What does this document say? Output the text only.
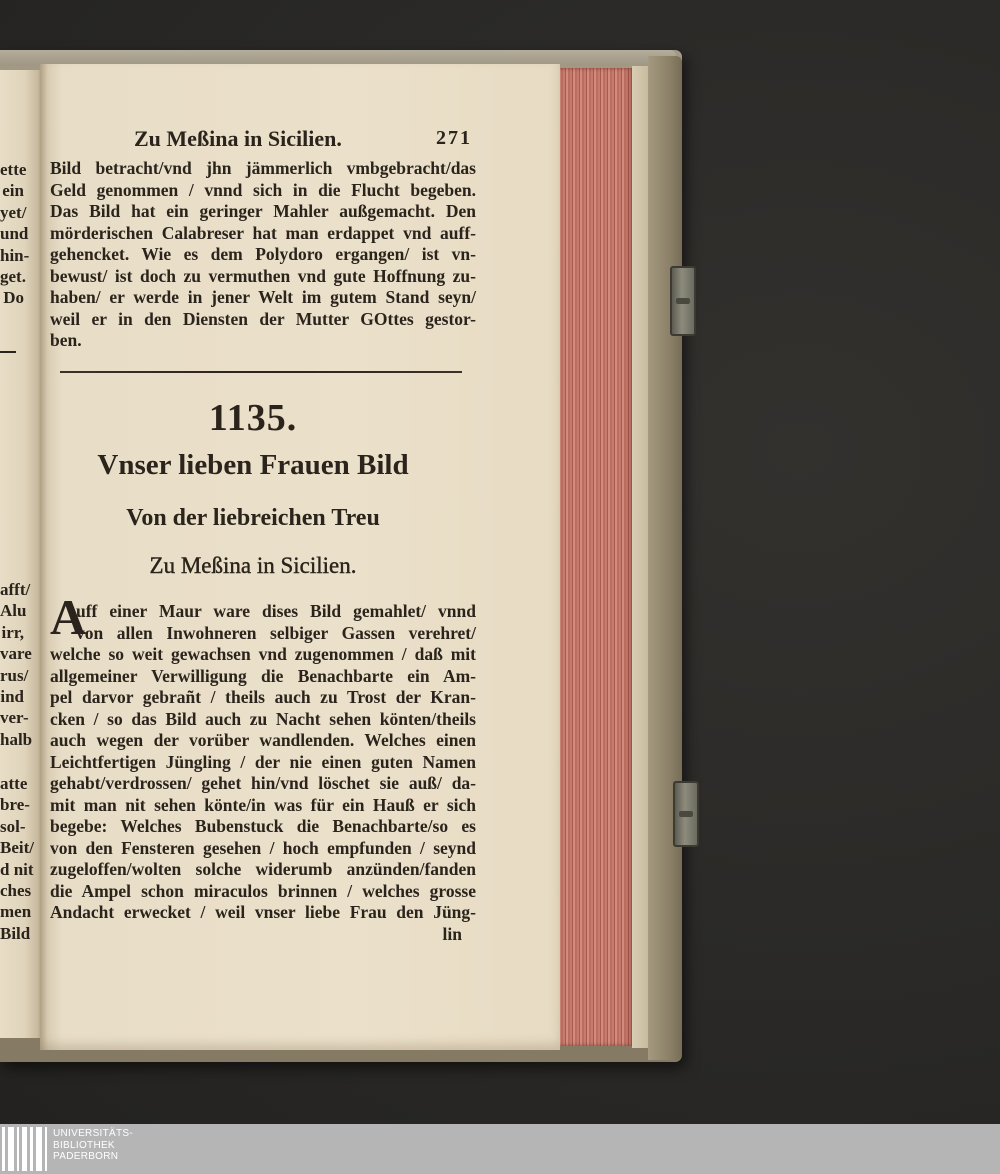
ette
ein
yet/
und
hin-
get.
Do
afft/
Alu
irr,
vare
rus/
ind
ver-
halb
atte
bre-
sol-
Beit/
d nit
ches
men
Bild
Zu Meßina in Sicilien.	271
Bild betracht/vnd jhn jämmerlich vmbgebracht/das
Geld genommen / vnnd sich in die Flucht begeben.
Das Bild hat ein geringer Mahler außgemacht. Den
mörderischen Calabreser hat man erdappet vnd auff-
gehencket. Wie es dem Polydoro ergangen/ ist vn-
bewust/ ist doch zu vermuthen vnd gute Hoffnung zu-
haben/ er werde in jener Welt im gutem Stand seyn/
weil er in den Diensten der Mutter GOttes gestor-
ben.
1135.
Vnser lieben Frauen Bild
Von der liebreichen Treu
Zu Meßina in Sicilien.
A
uff einer Maur ware dises Bild gemahlet/ vnnd
von allen Inwohneren selbiger Gassen verehret/
welche so weit gewachsen vnd zugenommen / daß mit
allgemeiner Verwilligung die Benachbarte ein Am-
pel darvor gebrañt / theils auch zu Trost der Kran-
cken / so das Bild auch zu Nacht sehen könten/theils
auch wegen der vorüber wandlenden. Welches einen
Leichtfertigen Jüngling / der nie einen guten Namen
gehabt/verdrossen/ gehet hin/vnd löschet sie auß/ da-
mit man nit sehen könte/in was für ein Hauß er sich
begebe: Welches Bubenstuck die Benachbarte/so es
von den Fensteren gesehen / hoch empfunden / seynd
zugeloffen/wolten solche widerumb anzünden/fanden
die Ampel schon miraculos brinnen / welches grosse
Andacht erwecket / weil vnser liebe Frau den Jüng-
lin
UNIVERSITÄTS-
BIBLIOTHEK
PADERBORN
